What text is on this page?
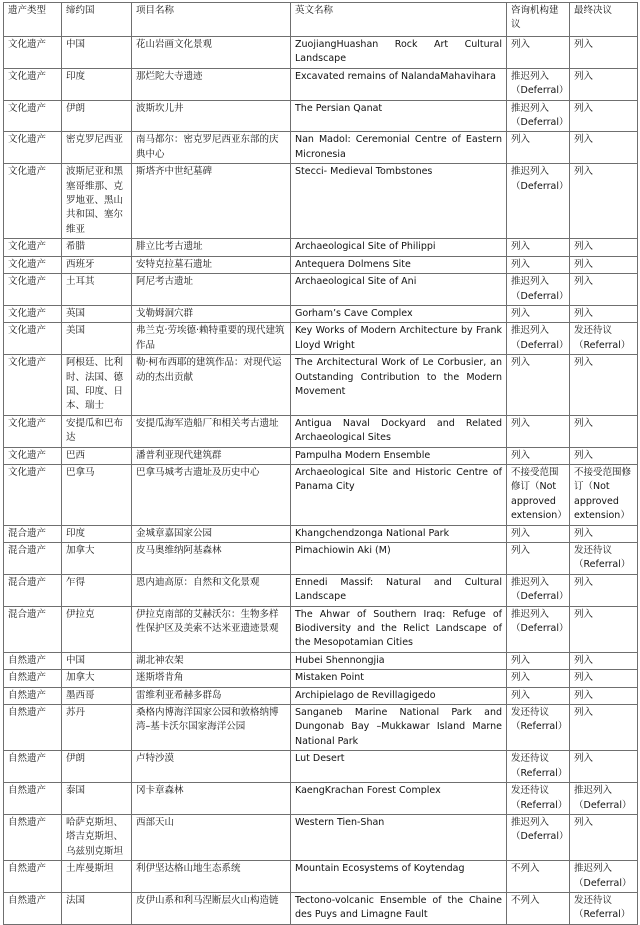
遗产类型	缔约国	项目名称	英文名称	咨询机构建议	最终决议
文化遗产	中国	花山岩画文化景观	ZuojiangHuashan Rock Art Cultural Landscape	列入	列入
文化遗产	印度	那烂陀大寺遗迹	Excavated remains of NalandaMahavihara	推迟列入（Deferral）	列入
文化遗产	伊朗	波斯坎儿井	The Persian Qanat	推迟列入（Deferral）	列入
文化遗产	密克罗尼西亚	南马都尔：密克罗尼西亚东部的庆典中心	Nan Madol: Ceremonial Centre of Eastern Micronesia	列入	列入
文化遗产	波斯尼亚和黑塞哥维那、克罗地亚、黑山共和国、塞尔维亚	斯塔齐中世纪墓碑	Stecci- Medieval Tombstones	推迟列入（Deferral）	列入
文化遗产	希腊	腓立比考古遗址	Archaeological Site of Philippi	列入	列入
文化遗产	西班牙	安特克拉墓石遗址	Antequera Dolmens Site	列入	列入
文化遗产	土耳其	阿尼考古遗址	Archaeological Site of Ani	推迟列入（Deferral）	列入
文化遗产	英国	戈勒姆洞穴群	Gorham’s Cave Complex	列入	列入
文化遗产	美国	弗兰克·劳埃德·赖特重要的现代建筑作品	Key Works of Modern Architecture by Frank Lloyd Wright	推迟列入（Deferral）	发还待议（Referral）
文化遗产	阿根廷、比利时、法国、德国、印度、日本、瑞士	勒·柯布西耶的建筑作品：对现代运动的杰出贡献	The Architectural Work of Le Corbusier, an Outstanding Contribution to the Modern Movement	列入	列入
文化遗产	安提瓜和巴布达	安提瓜海军造船厂和相关考古遗址	Antigua Naval Dockyard and Related Archaeological Sites	列入	列入
文化遗产	巴西	潘普利亚现代建筑群	Pampulha Modern Ensemble	列入	列入
文化遗产	巴拿马	巴拿马城考古遗址及历史中心	Archaeological Site and Historic Centre of Panama City	不接受范围修订（Not approved extension）	不接受范围修订（Not approved extension）
混合遗产	印度	金城章嘉国家公园	Khangchendzonga National Park	列入	列入
混合遗产	加拿大	皮马奥维纳阿基森林	Pimachiowin Aki (M)	列入	发还待议（Referral）
混合遗产	乍得	恩内迪高原：自然和文化景观	Ennedi Massif: Natural and Cultural Landscape	推迟列入（Deferral）	列入
混合遗产	伊拉克	伊拉克南部的艾赫沃尔：生物多样性保护区及美索不达米亚遗迹景观	The Ahwar of Southern Iraq: Refuge of Biodiversity and the Relict Landscape of the Mesopotamian Cities	推迟列入（Deferral）	列入
自然遗产	中国	湖北神农架	Hubei Shennongjia	列入	列入
自然遗产	加拿大	迷斯塔肯角	Mistaken Point	列入	列入
自然遗产	墨西哥	雷维利亚希赫多群岛	Archipielago de Revillagigedo	列入	列入
自然遗产	苏丹	桑格内博海洋国家公园和敦格纳博湾–基卡沃尔国家海洋公园	Sanganeb Marine National Park and Dungonab Bay –Mukkawar Island Marne National Park	发还待议（Referral）	列入
自然遗产	伊朗	卢特沙漠	Lut Desert	发还待议（Referral）	列入
自然遗产	泰国	冈卡章森林	KaengKrachan Forest Complex	发还待议（Referral）	推迟列入（Deferral）
自然遗产	哈萨克斯坦、塔吉克斯坦、乌兹别克斯坦	西部天山	Western Tien-Shan	推迟列入（Deferral）	列入
自然遗产	土库曼斯坦	利伊坚达格山地生态系统	Mountain Ecosystems of Koytendag	不列入	推迟列入（Deferral）
自然遗产	法国	皮伊山系和利马涅断层火山构造链	Tectono-volcanic Ensemble of the Chaine des Puys and Limagne Fault	不列入	发还待议（Referral）
